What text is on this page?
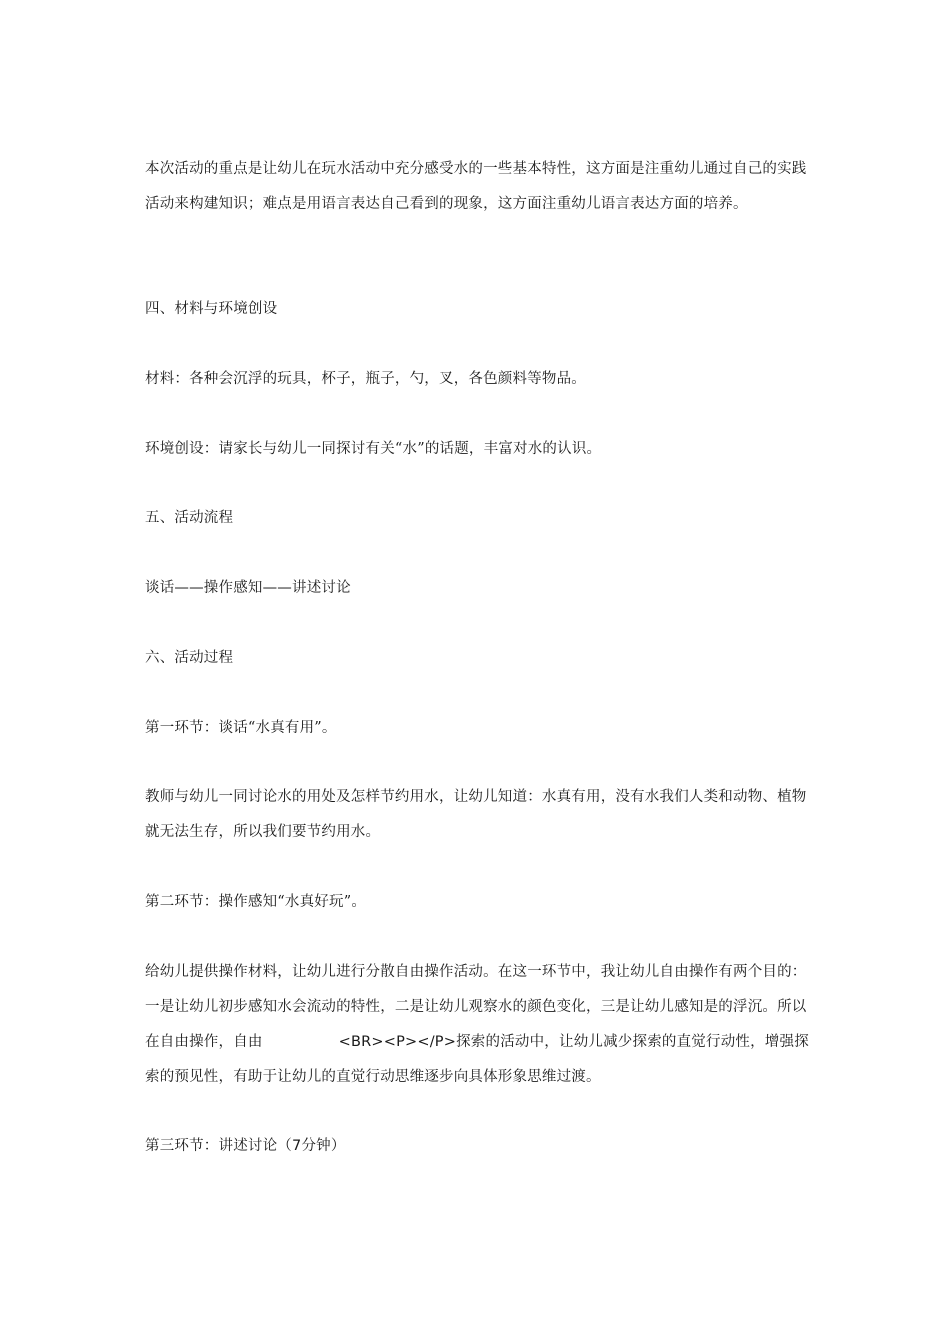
本次活动的重点是让幼儿在玩水活动中充分感受水的一些基本特性，这方面是注重幼儿通过自己的实践活动来构建知识；难点是用语言表达自己看到的现象，这方面注重幼儿语言表达方面的培养。

四、材料与环境创设

材料：各种会沉浮的玩具，杯子，瓶子，勺，叉，各色颜料等物品。

环境创设：请家长与幼儿一同探讨有关“水”的话题，丰富对水的认识。

五、活动流程

谈话——操作感知——讲述讨论

六、活动过程

第一环节：谈话“水真有用”。

教师与幼儿一同讨论水的用处及怎样节约用水，让幼儿知道：水真有用，没有水我们人类和动物、植物就无法生存，所以我们要节约用水。

第二环节：操作感知“水真好玩”。

给幼儿提供操作材料，让幼儿进行分散自由操作活动。在这一环节中，我让幼儿自由操作有两个目的：一是让幼儿初步感知水会流动的特性，二是让幼儿观察水的颜色变化，三是让幼儿感知是的浮沉。所以在自由操作，自由	<BR><P></P>探索的活动中，让幼儿减少探索的直觉行动性，增强探索的预见性，有助于让幼儿的直觉行动思维逐步向具体形象思维过渡。

第三环节：讲述讨论（7分钟）
